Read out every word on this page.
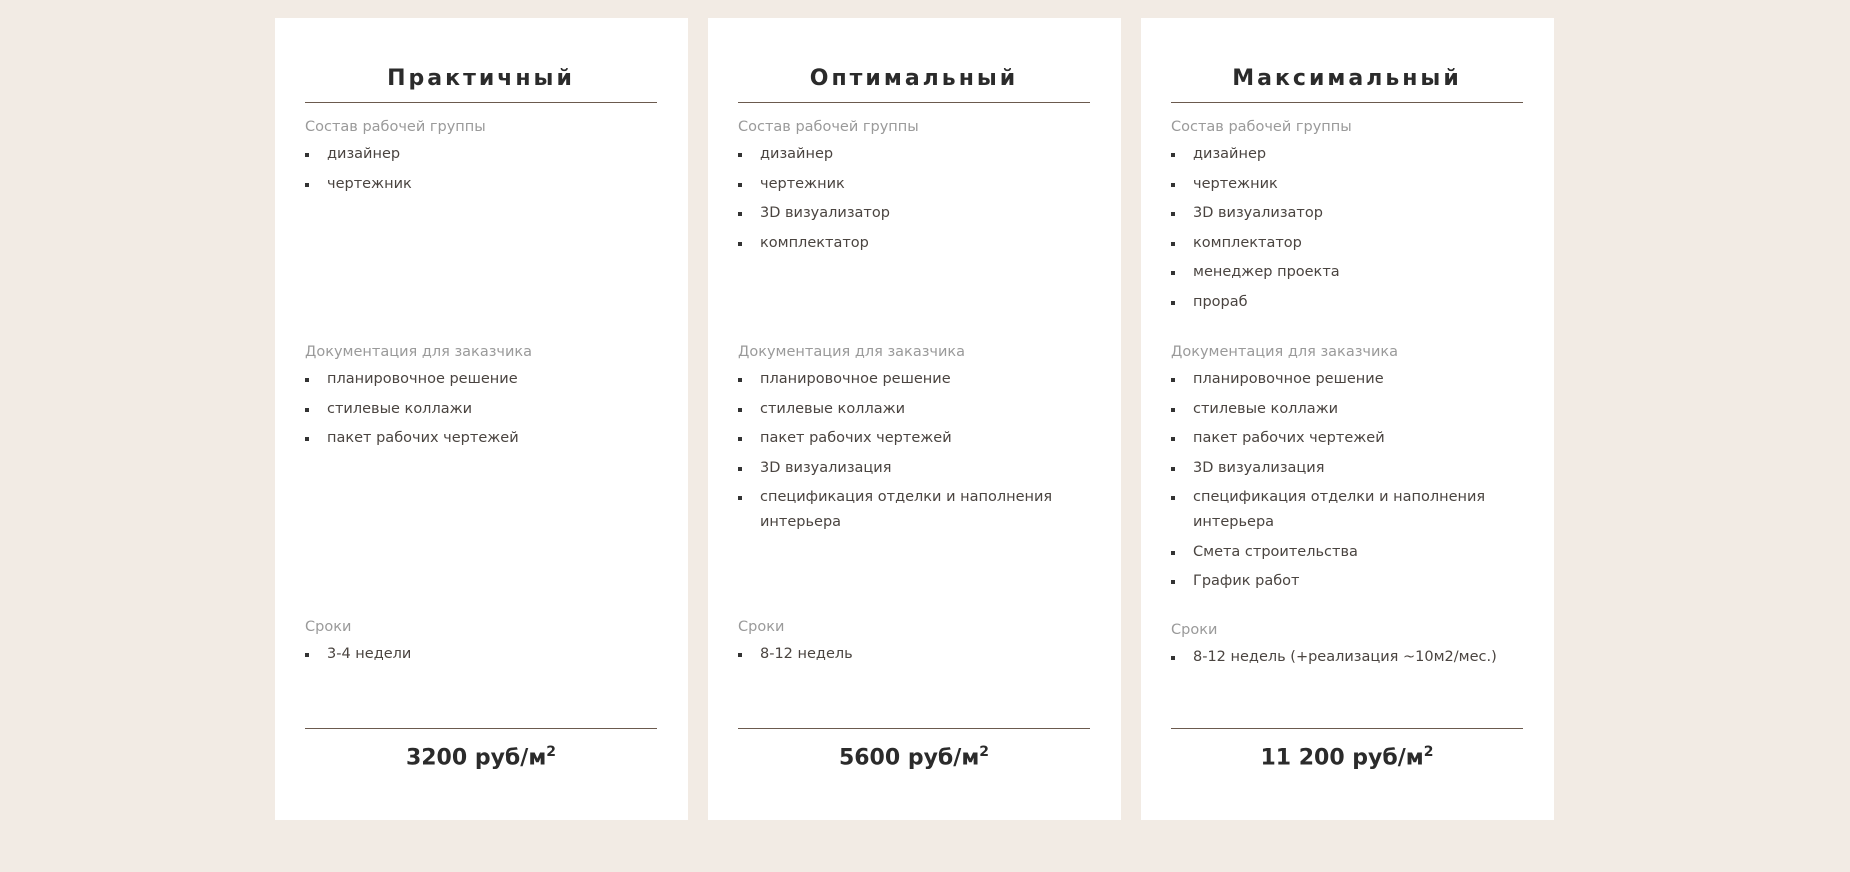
Практичный
Состав рабочей группы
дизайнер
чертежник
Документация для заказчика
планировочное решение
стилевые коллажи
пакет рабочих чертежей
Сроки
3-4 недели
3200 руб/$м^2$
Оптимальный
Состав рабочей группы
дизайнер
чертежник
3D визуализатор
комплектатор
Документация для заказчика
планировочное решение
стилевые коллажи
пакет рабочих чертежей
3D визуализация
спецификация отделки и наполнения интерьера
Сроки
8-12 недель
5600 руб/$м^2$
Максимальный
Состав рабочей группы
дизайнер
чертежник
3D визуализатор
комплектатор
менеджер проекта
прораб
Документация для заказчика
планировочное решение
стилевые коллажи
пакет рабочих чертежей
3D визуализация
спецификация отделки и наполнения интерьера
Смета строительства
График работ
Сроки
8-12 недель (+реализация ~10м2/мес.)
11 200 руб/$м^2$
